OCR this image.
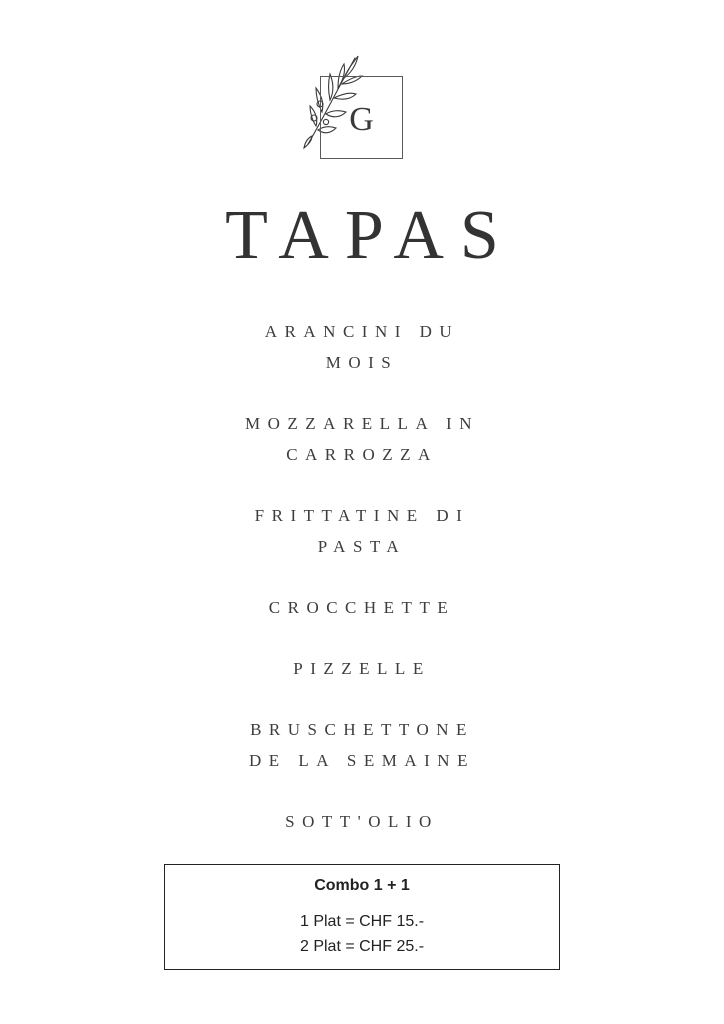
G
TAPAS
ARANCINI DU
MOIS
MOZZARELLA IN
CARROZZA
FRITTATINE DI
PASTA
CROCCHETTE
PIZZELLE
BRUSCHETTONE
DE LA SEMAINE
SOTT'OLIO
Combo 1 + 1
1 Plat = CHF 15.-
2 Plat = CHF 25.-
